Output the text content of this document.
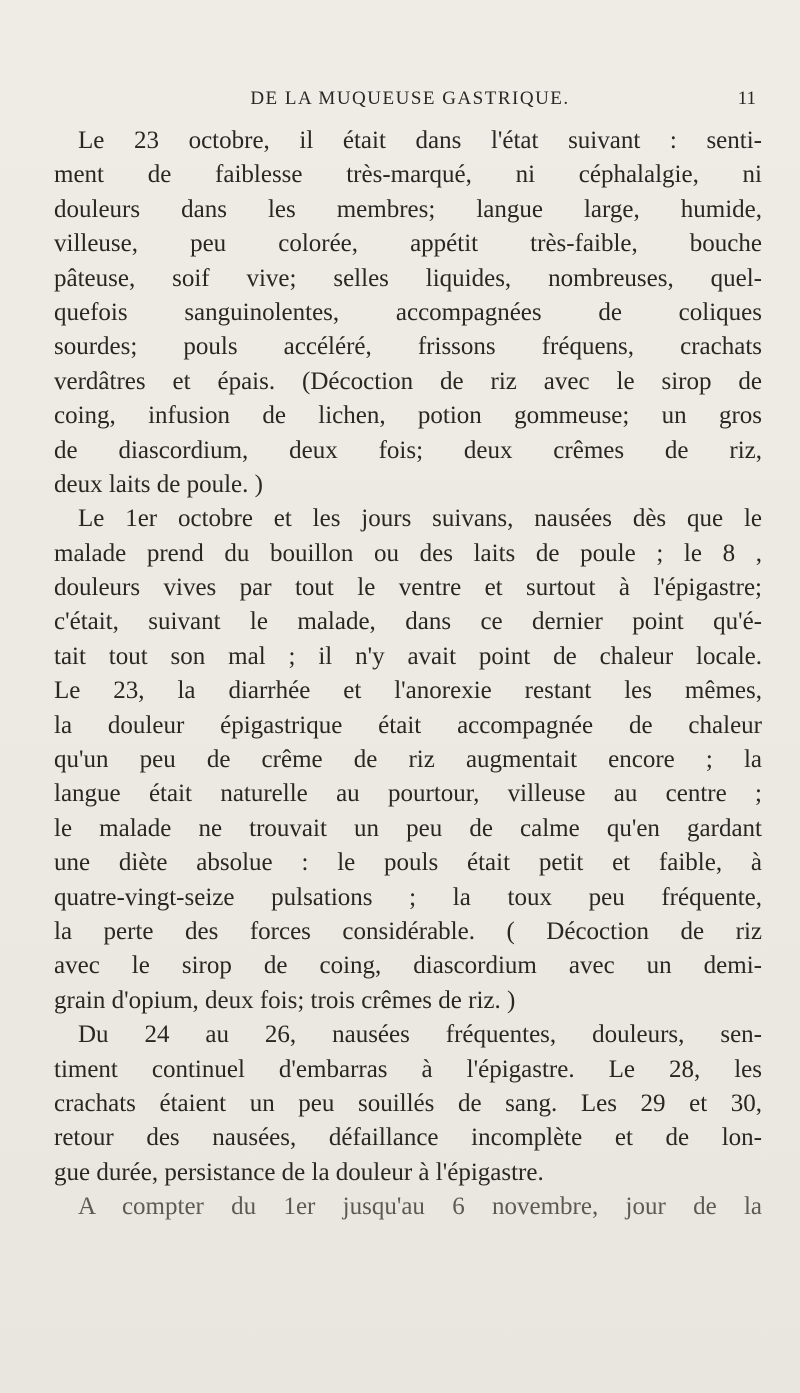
DE LA MUQUEUSE GASTRIQUE.	11
Le 23 octobre, il était dans l'état suivant : senti-
ment de faiblesse très-marqué, ni céphalalgie, ni
douleurs dans les membres; langue large, humide,
villeuse, peu colorée, appétit très-faible, bouche
pâteuse, soif vive; selles liquides, nombreuses, quel-
quefois sanguinolentes, accompagnées de coliques
sourdes; pouls accéléré, frissons fréquens, crachats
verdâtres et épais. (Décoction de riz avec le sirop de
coing, infusion de lichen, potion gommeuse; un gros
de diascordium, deux fois; deux crêmes de riz,
deux laits de poule. )
Le 1er octobre et les jours suivans, nausées dès que le
malade prend du bouillon ou des laits de poule ; le 8 ,
douleurs vives par tout le ventre et surtout à l'épigastre;
c'était, suivant le malade, dans ce dernier point qu'é-
tait tout son mal ; il n'y avait point de chaleur locale.
Le 23, la diarrhée et l'anorexie restant les mêmes,
la douleur épigastrique était accompagnée de chaleur
qu'un peu de crême de riz augmentait encore ; la
langue était naturelle au pourtour, villeuse au centre ;
le malade ne trouvait un peu de calme qu'en gardant
une diète absolue : le pouls était petit et faible, à
quatre-vingt-seize pulsations ; la toux peu fréquente,
la perte des forces considérable. ( Décoction de riz
avec le sirop de coing, diascordium avec un demi-
grain d'opium, deux fois; trois crêmes de riz. )
Du 24 au 26, nausées fréquentes, douleurs, sen-
timent continuel d'embarras à l'épigastre. Le 28, les
crachats étaient un peu souillés de sang. Les 29 et 30,
retour des nausées, défaillance incomplète et de lon-
gue durée, persistance de la douleur à l'épigastre.
A compter du 1er jusqu'au 6 novembre, jour de la
